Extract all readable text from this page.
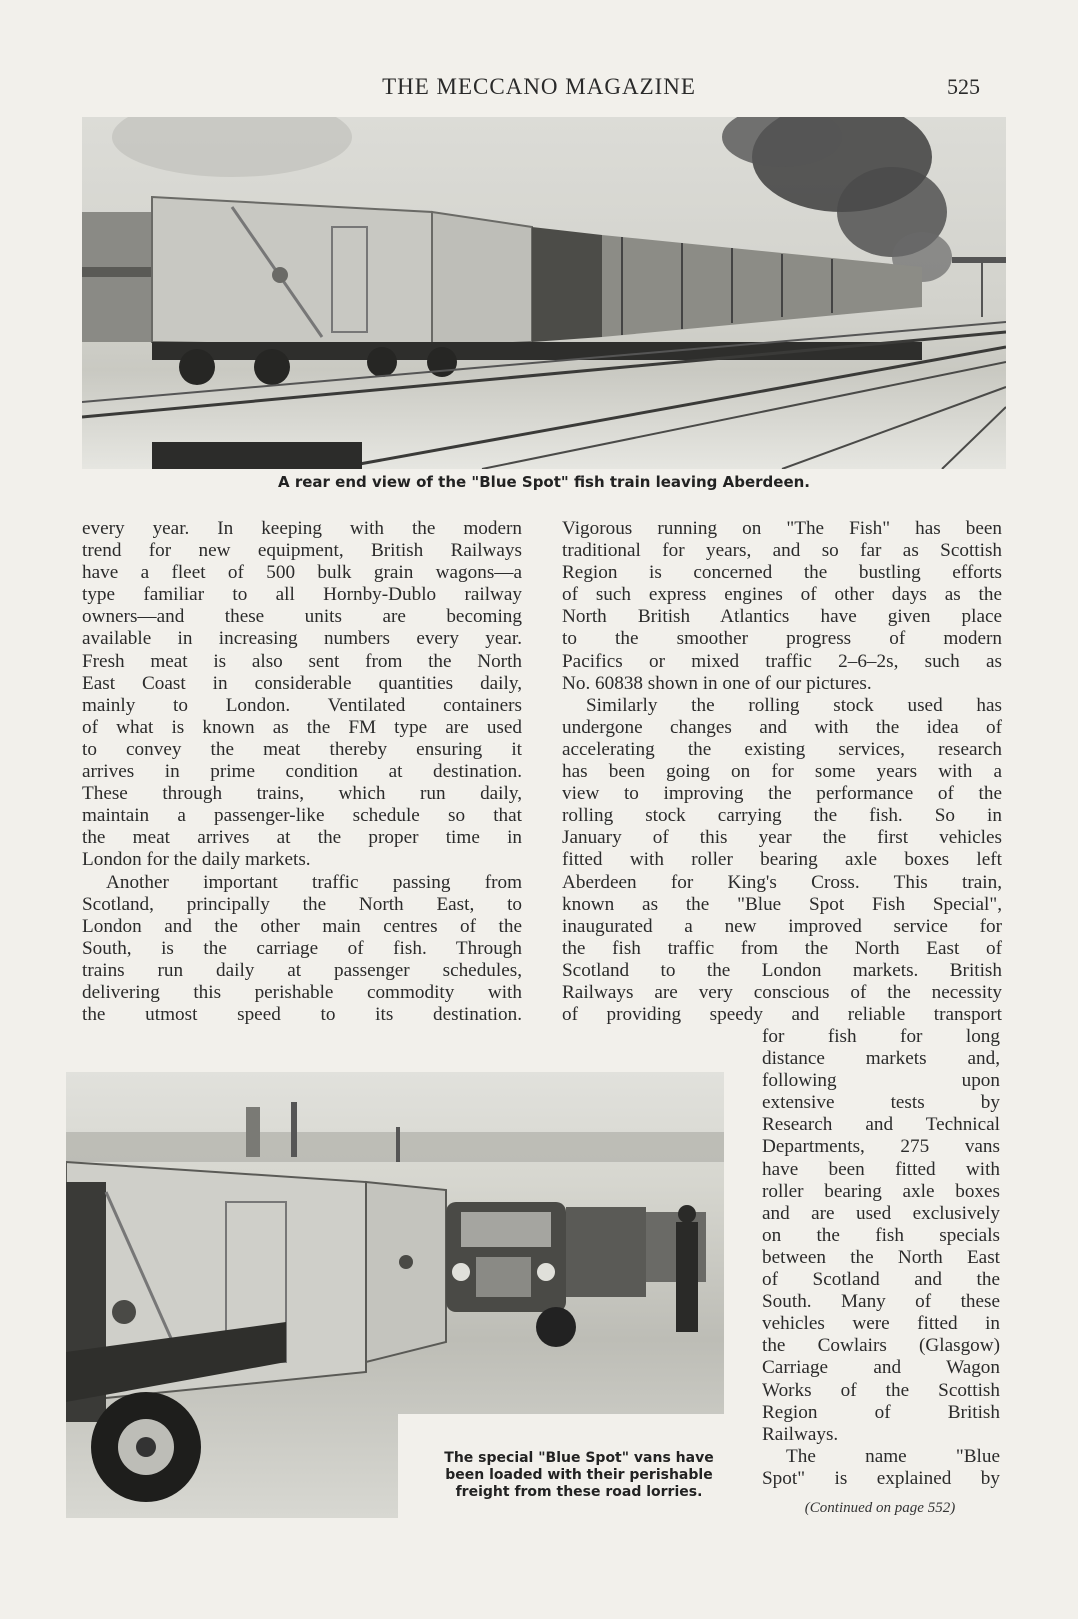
THE MECCANO MAGAZINE	525
A rear end view of the "Blue Spot" fish train leaving Aberdeen.

every year. In keeping with the modern

trend for new equipment, British Railways

have a fleet of 500 bulk grain wagons—a

type familiar to all Hornby-Dublo railway

owners—and these units are becoming

available in increasing numbers every year.

Fresh meat is also sent from the North

East Coast in considerable quantities daily,

mainly to London. Ventilated containers

of what is known as the FM type are used

to convey the meat thereby ensuring it

arrives in prime condition at destination.

These through trains, which run daily,

maintain a passenger-like schedule so that

the meat arrives at the proper time in

London for the daily markets.

Another important traffic passing from

Scotland, principally the North East, to

London and the other main centres of the

South, is the carriage of fish. Through

trains run daily at passenger schedules,

delivering this perishable commodity with

the utmost speed to its destination.

Vigorous running on "The Fish" has been

traditional for years, and so far as Scottish

Region is concerned the bustling efforts

of such express engines of other days as the

North British Atlantics have given place

to the smoother progress of modern

Pacifics or mixed traffic 2–6–2s, such as

No. 60838 shown in one of our pictures.

Similarly the rolling stock used has

undergone changes and with the idea of

accelerating the existing services, research

has been going on for some years with a

view to improving the performance of the

rolling stock carrying the fish. So in

January of this year the first vehicles

fitted with roller bearing axle boxes left

Aberdeen for King's Cross. This train,

known as the "Blue Spot Fish Special",

inaugurated a new improved service for

the fish traffic from the North East of

Scotland to the London markets. British

Railways are very conscious of the necessity

of providing speedy and reliable transport

The special "Blue Spot" vans have
been loaded with their perishable
freight from these road lorries.

for fish for long

distance markets and,

following upon

extensive tests by

Research and Technical

Departments, 275 vans

have been fitted with

roller bearing axle boxes

and are used exclusively

on the fish specials

between the North East

of Scotland and the

South. Many of these

vehicles were fitted in

the Cowlairs (Glasgow)

Carriage and Wagon

Works of the Scottish

Region of British

Railways.

The name "Blue

Spot" is explained by

(Continued on page 552)
